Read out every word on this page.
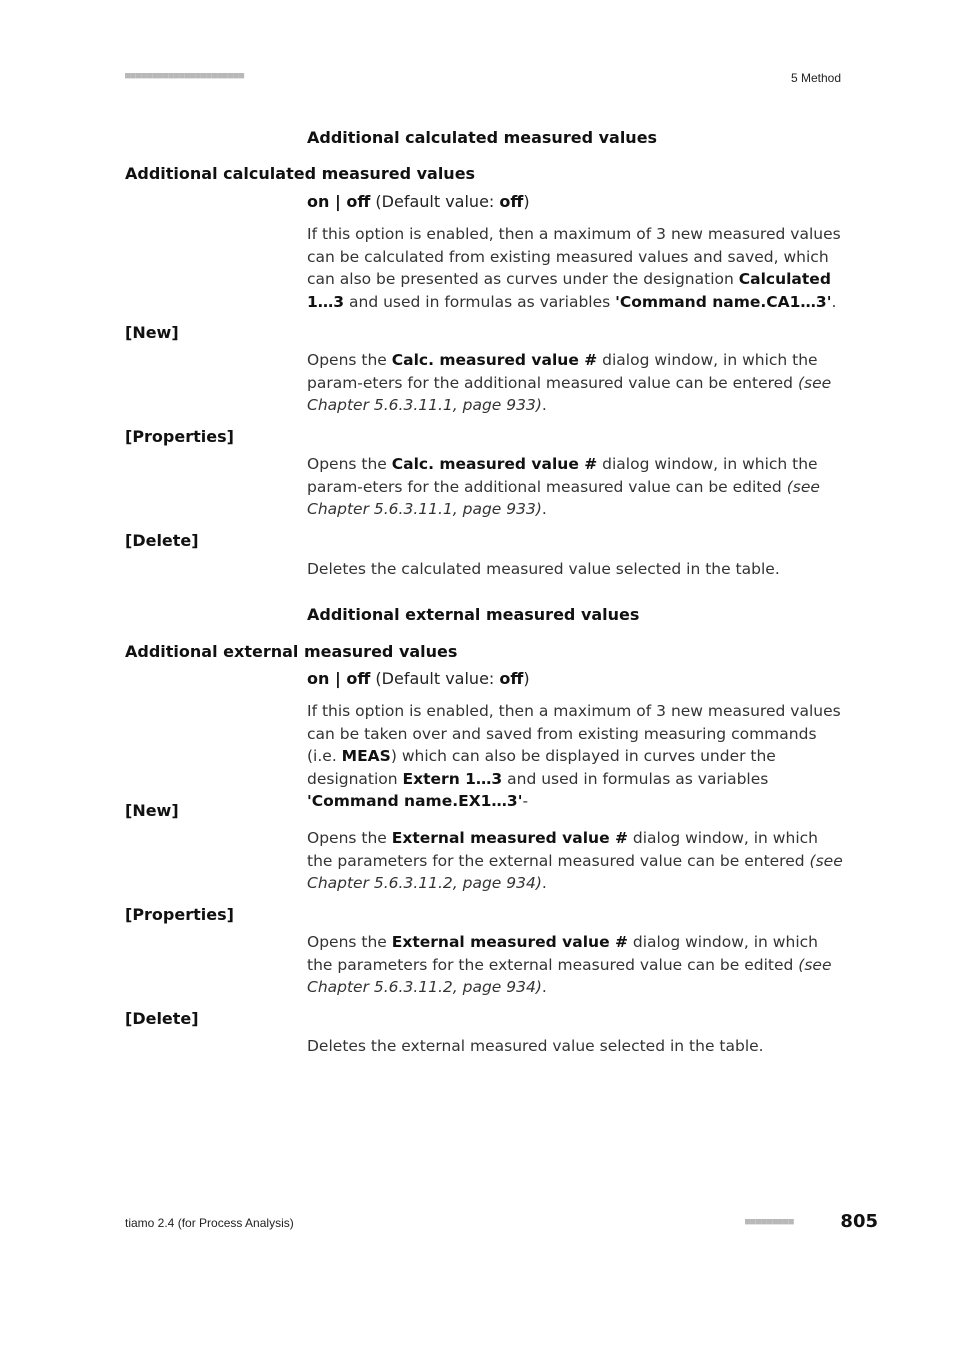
■■■■■■■■■■■■■■■■■■■■■■	5 Method
Additional calculated measured values
Additional calculated measured values
on | off (Default value: off)
If this option is enabled, then a maximum of 3 new measured values can be calculated from existing measured values and saved, which can also be presented as curves under the designation Calculated 1…3 and used in formulas as variables 'Command name.CA1…3'.
[New]
Opens the Calc. measured value # dialog window, in which the param-eters for the additional measured value can be entered (see Chapter 5.6.3.11.1, page 933).
[Properties]
Opens the Calc. measured value # dialog window, in which the param-eters for the additional measured value can be edited (see Chapter 5.6.3.11.1, page 933).
[Delete]
Deletes the calculated measured value selected in the table.
Additional external measured values
Additional external measured values
on | off (Default value: off)
If this option is enabled, then a maximum of 3 new measured values can be taken over and saved from existing measuring commands (i.e. MEAS) which can also be displayed in curves under the designation Extern 1…3 and used in formulas as variables 'Command name.EX1…3'-
[New]
Opens the External measured value # dialog window, in which the parameters for the external measured value can be entered (see Chapter 5.6.3.11.2, page 934).
[Properties]
Opens the External measured value # dialog window, in which the parameters for the external measured value can be edited (see Chapter 5.6.3.11.2, page 934).
[Delete]
Deletes the external measured value selected in the table.
tiamo 2.4 (for Process Analysis)	■■■■■■■■■	805
